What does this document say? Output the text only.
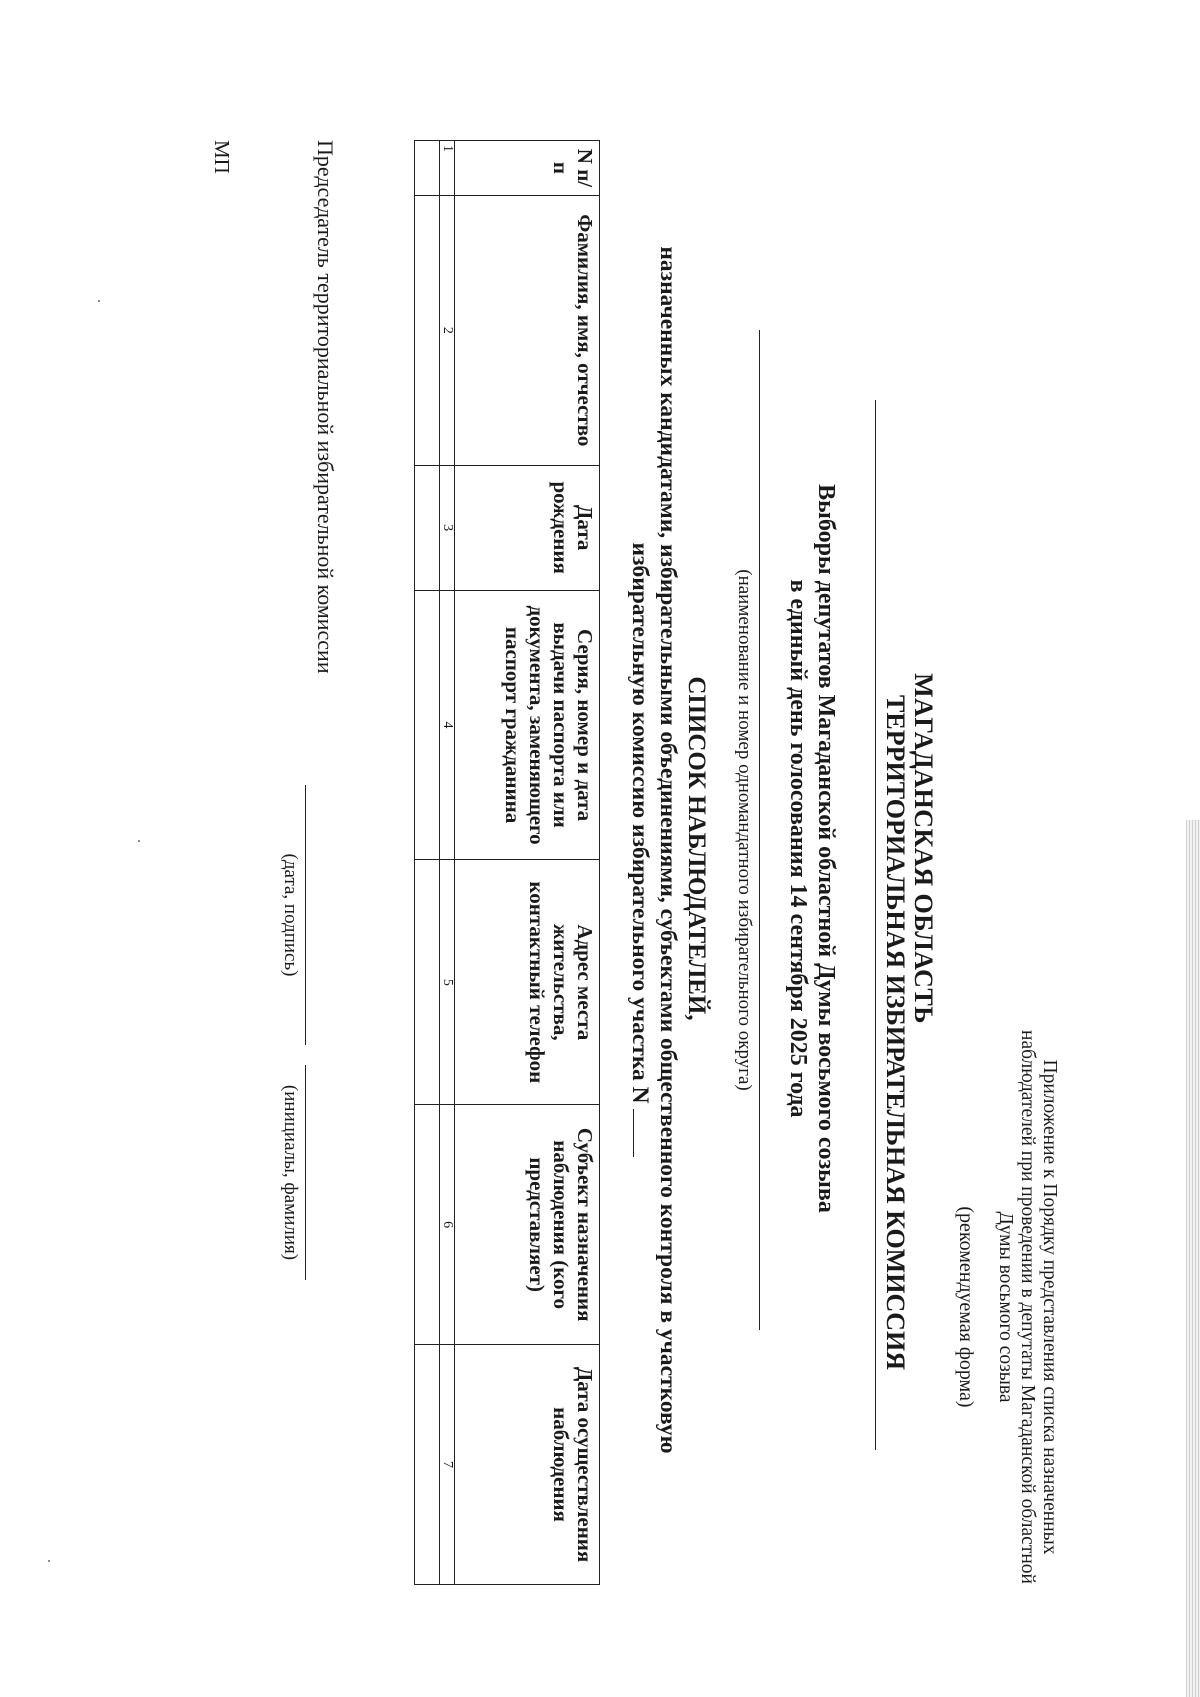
Приложение к Порядку представления списка назначенных наблюдателей при проведении в депутаты Магаданской областной Думы восьмого созыва
(рекомендуемая форма)
МАГАДАНСКАЯ ОБЛАСТЬ
ТЕРРИТОРИАЛЬНАЯ ИЗБИРАТЕЛЬНАЯ КОМИССИЯ
Выборы депутатов Магаданской областной Думы восьмого созыва
в единый день голосования 14 сентября 2025 года
(наименование и номер одномандатного избирательного округа)
СПИСОК НАБЛЮДАТЕЛЕЙ,
назначенных кандидатами, избирательными объединениями, субъектами общественного контроля в участковую
избирательную комиссию избирательного участка N
N п/п	Фамилия, имя, отчество	Дата рождения	Серия, номер и дата выдачи паспорта или документа, заменяющего паспорт гражданина	Адрес места жительства, контактный телефон	Субъект назначения наблюдения (кого представляет)	Дата осуществления наблюдения
1	2	3	4	5	6	7

Председатель территориальной избирательной комиссии
(дата, подпись)
(инициалы, фамилия)
МП
